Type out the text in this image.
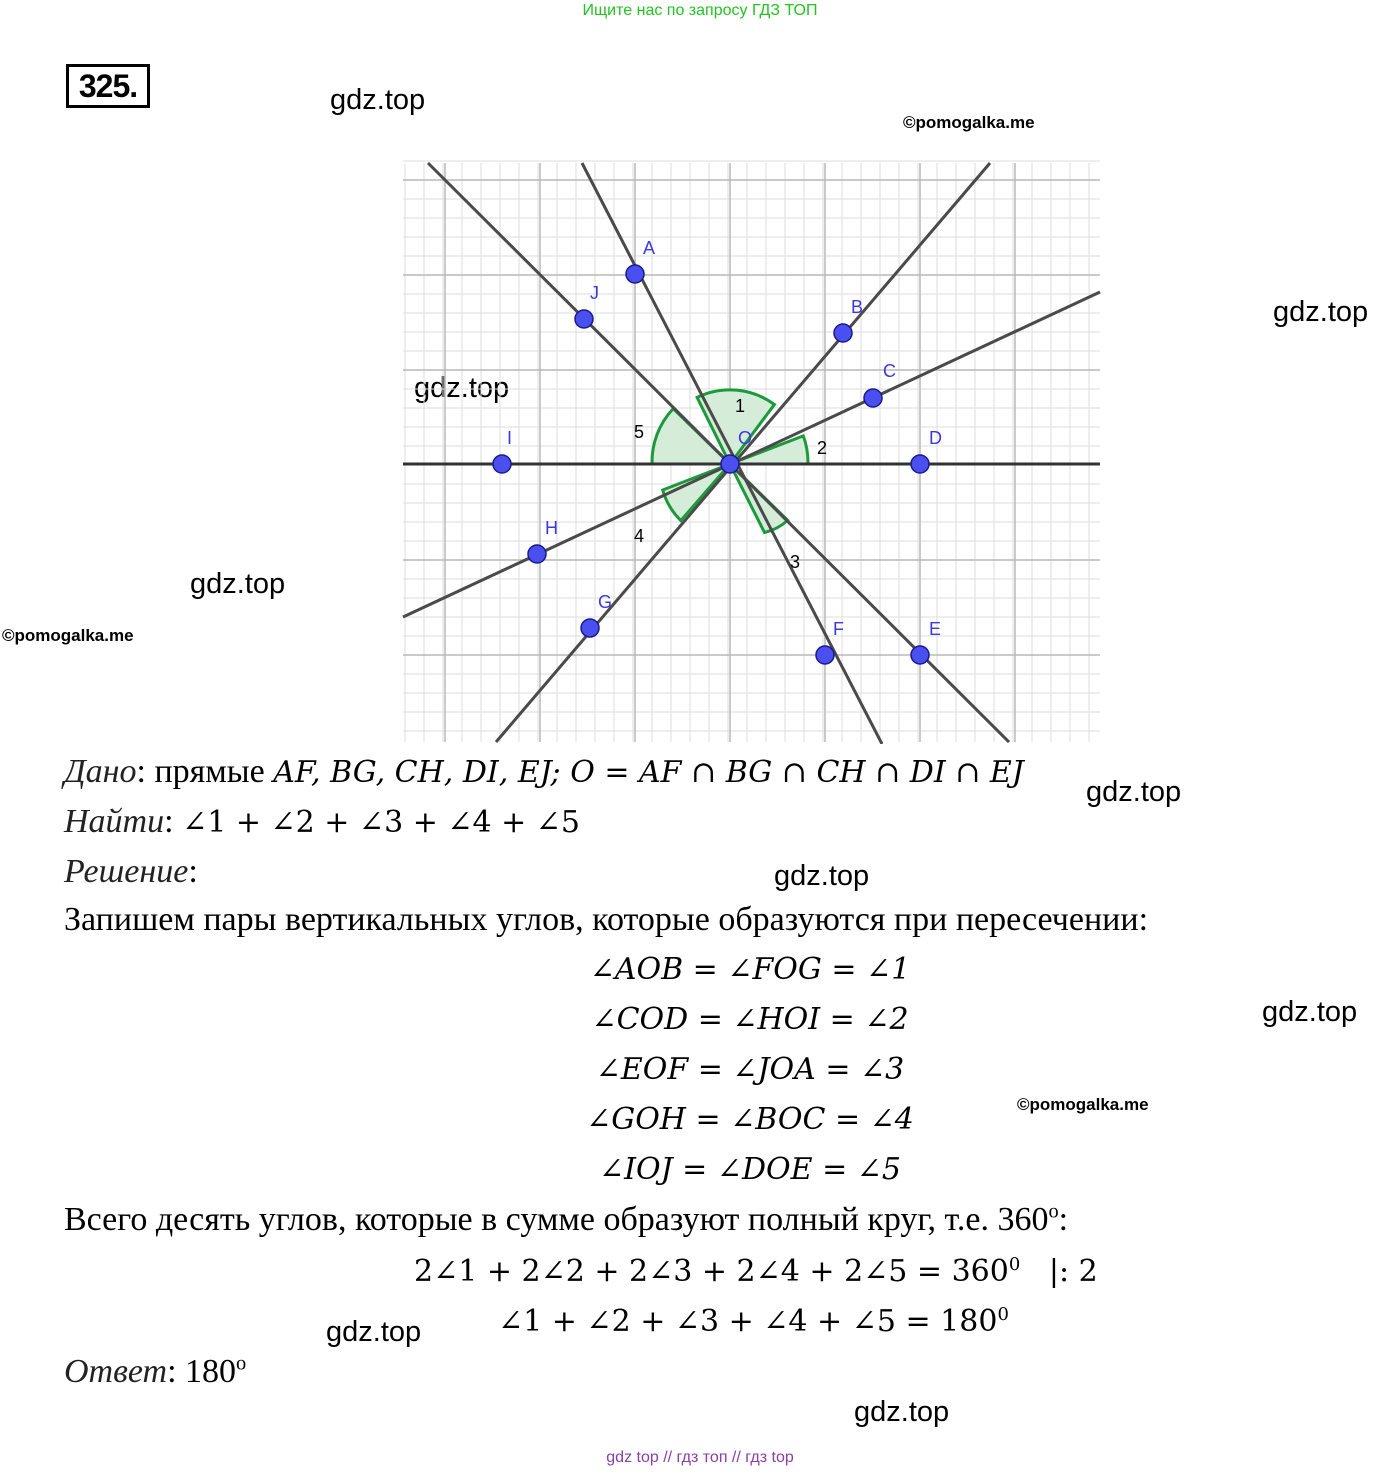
Ищите нас по запросу ГДЗ ТОП
325.	gdz.top
gdz.top
gdz.top
gdz.top
gdz.top
gdz.top
gdz.top
gdz.top
gdz.top
©pomogalka.me
©pomogalka.me
©pomogalka.me
A
B
C
D
E
F
G
H
I
J
O
1
2
3
4
5
Дано: прямые AF, BG, CH, DI, EJ; O = AF ∩ BG ∩ CH ∩ DI ∩ EJ
Найти: ∠1 + ∠2 + ∠3 + ∠4 + ∠5
Решение:
Запишем пары вертикальных углов, которые образуются при пересечении:
∠AOB = ∠FOG = ∠1
∠COD = ∠HOI = ∠2
∠EOF = ∠JOA = ∠3
∠GOH = ∠BOC = ∠4
∠IOJ = ∠DOE = ∠5
Всего десять углов, которые в сумме образуют полный круг, т.е. $360^о$:
2∠1 + 2∠2 + 2∠3 + 2∠4 + 2∠5 = $360^0$   |: 2
∠1 + ∠2 + ∠3 + ∠4 + ∠5 = $180^0$
Ответ: $180^о$
gdz top // гдз топ // гдз top
